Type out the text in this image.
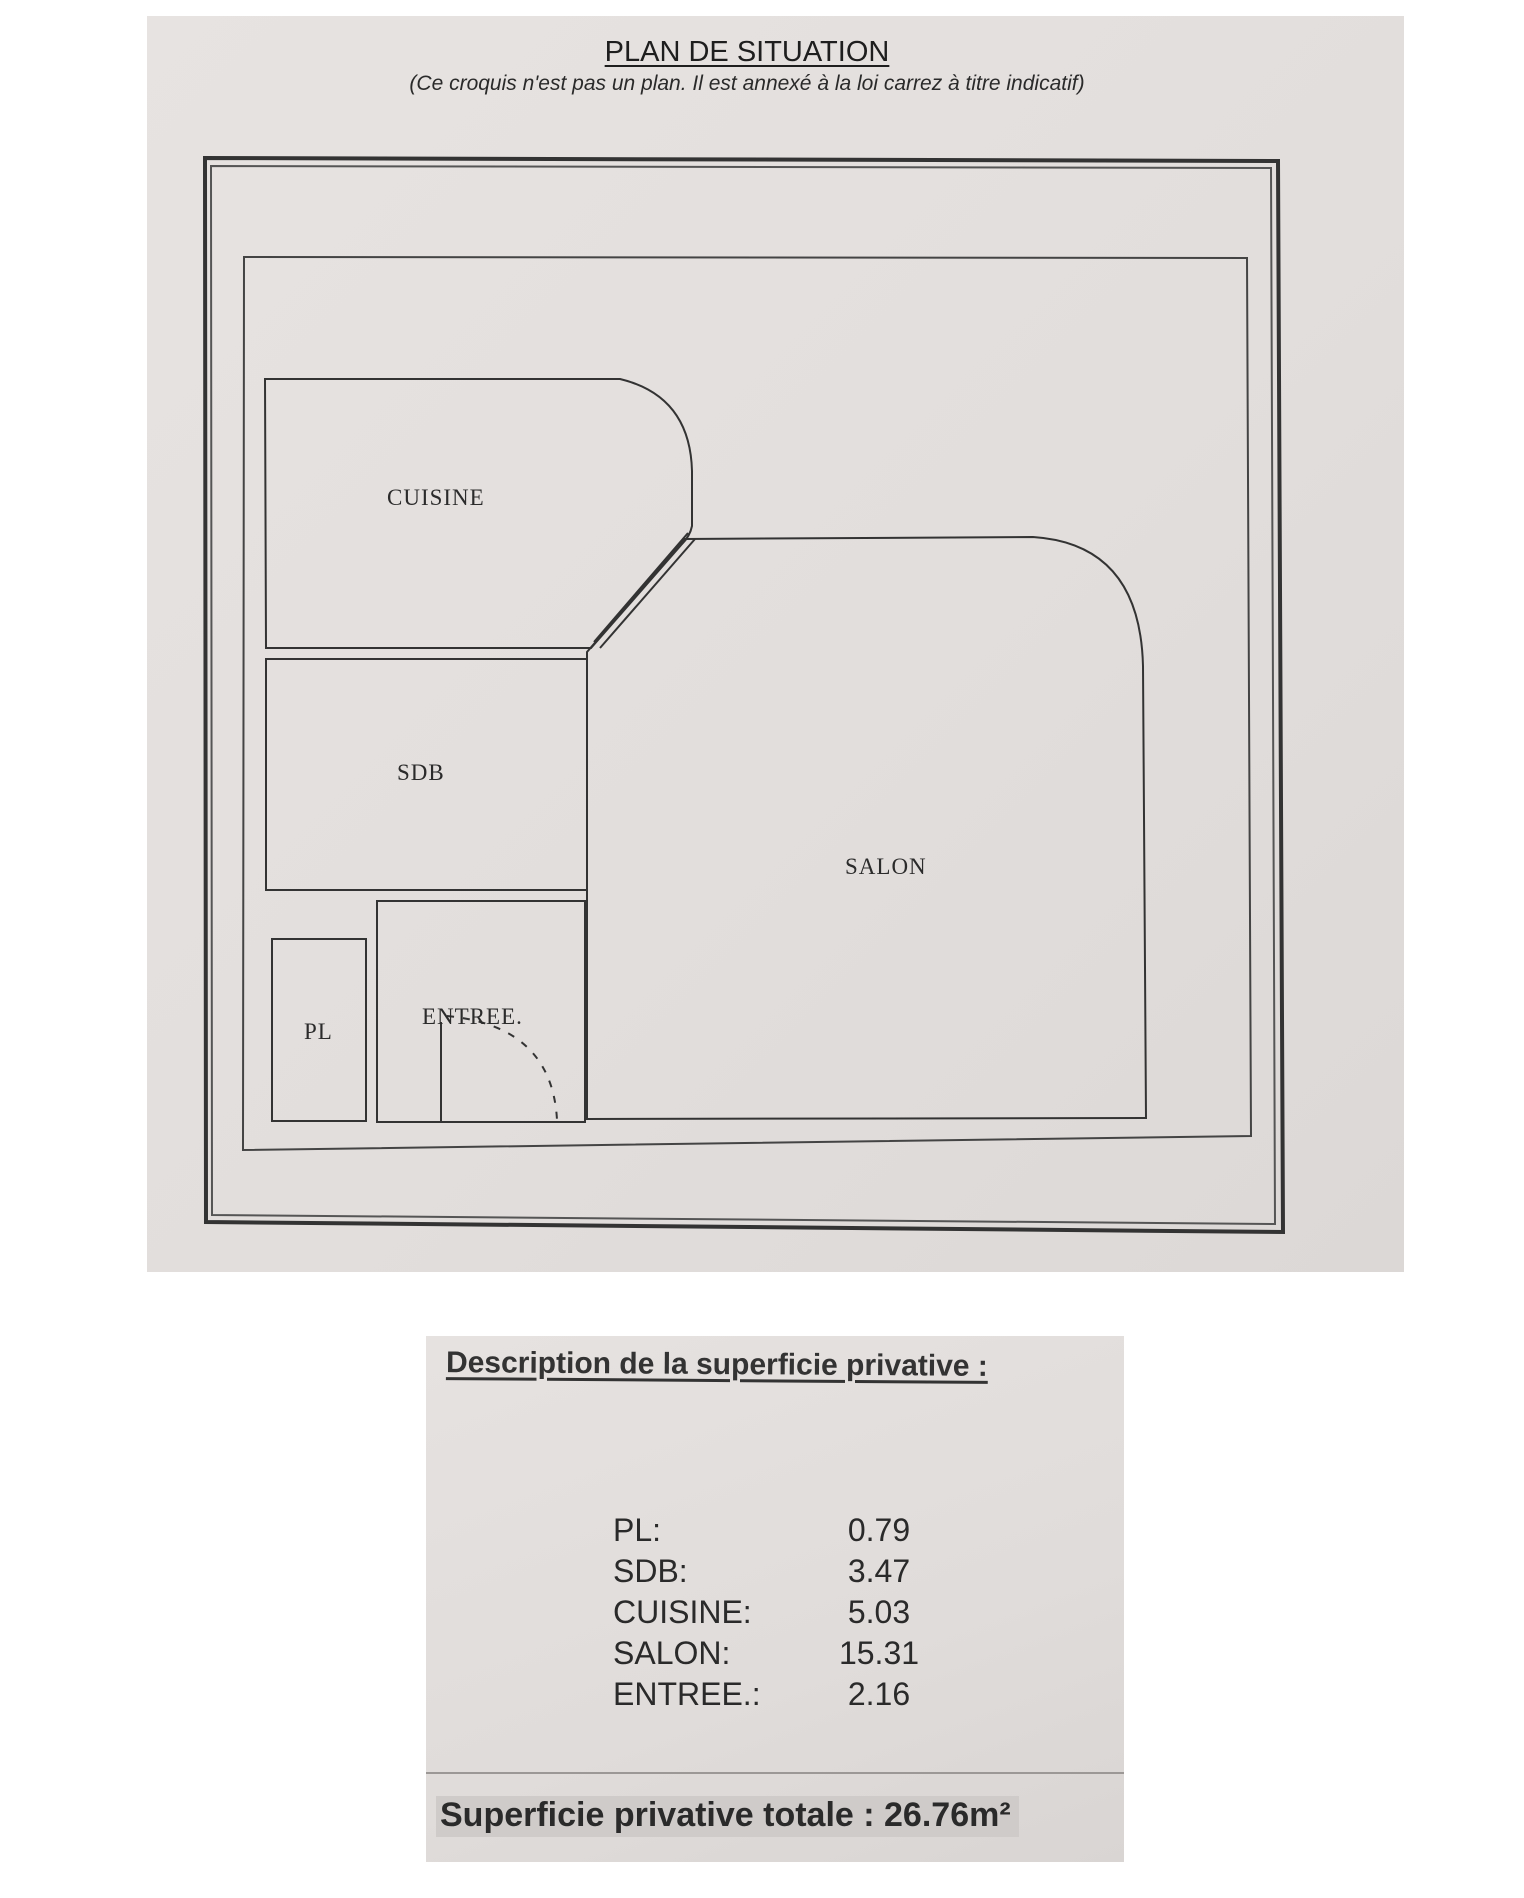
PLAN DE SITUATION
(Ce croquis n'est pas un plan. Il est annexé à la loi carrez à titre indicatif)
CUISINE
SDB
SALON
PL
ENTREE.
Description de la superficie privative :
PL:	0.79
SDB:	3.47
CUISINE:	5.03
SALON:	15.31
ENTREE.:	2.16
Superficie privative totale : 26.76m²
